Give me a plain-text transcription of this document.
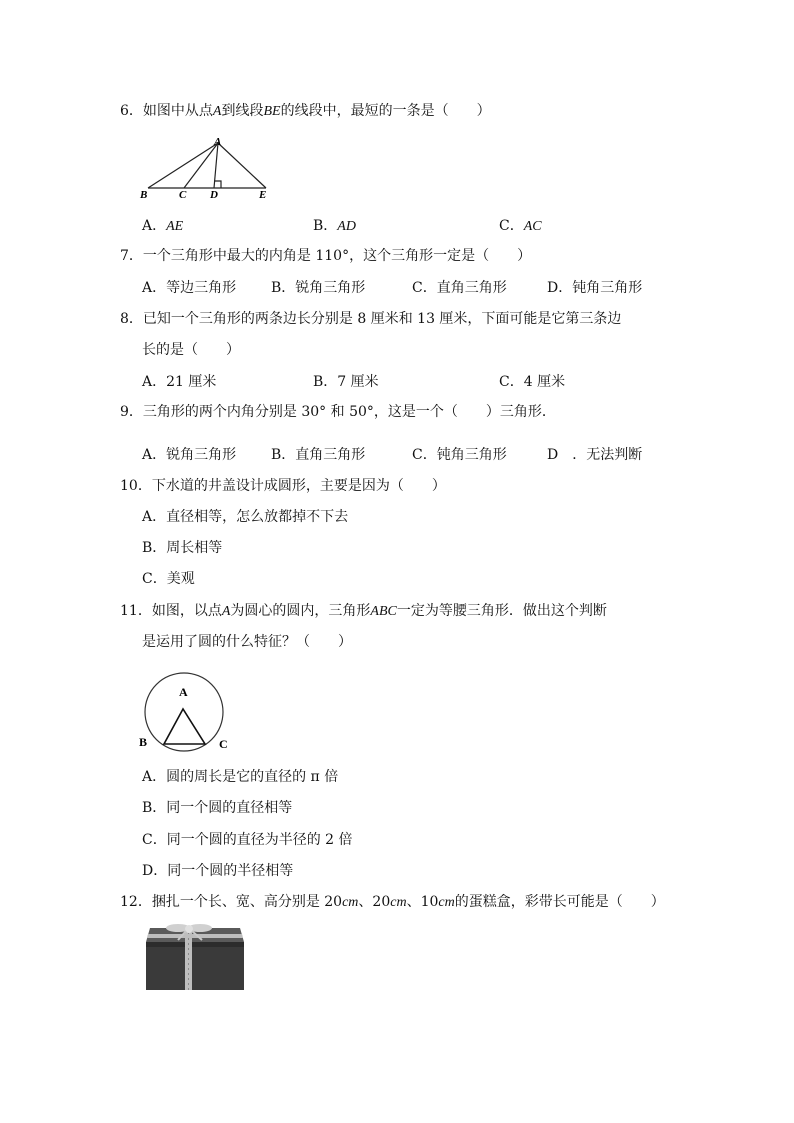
6．如图中从点A到线段BE的线段中，最短的一条是（　　）
A
B	C D	E
A．AE	B．AD	C．AC
7．一个三角形中最大的内角是 110°，这个三角形一定是（　　）
A．等边三角形 B．锐角三角形	C．直角三角形	D．钝角三角形
8．已知一个三角形的两条边长分别是 8 厘米和 13 厘米，下面可能是它第三条边
长的是（　　）
A．21 厘米	B．7 厘米	C．4 厘米
9．三角形的两个内角分别是 30° 和 50°，这是一个（　　）三角形．
A．锐角三角形 B．直角三角形	C．钝角三角形	D　．无法判断
10．下水道的井盖设计成圆形，主要是因为（　　）
A．直径相等，怎么放都掉不下去
B．周长相等
C．美观
11．如图，以点A为圆心的圆内，三角形ABC一定为等腰三角形．做出这个判断
是运用了圆的什么特征？（　　）
A
B	C
A．圆的周长是它的直径的 π 倍
B．同一个圆的直径相等
C．同一个圆的直径为半径的 2 倍
D．同一个圆的半径相等
12．捆扎一个长、宽、高分别是 20cm、20cm、10cm的蛋糕盒，彩带长可能是（　　）
